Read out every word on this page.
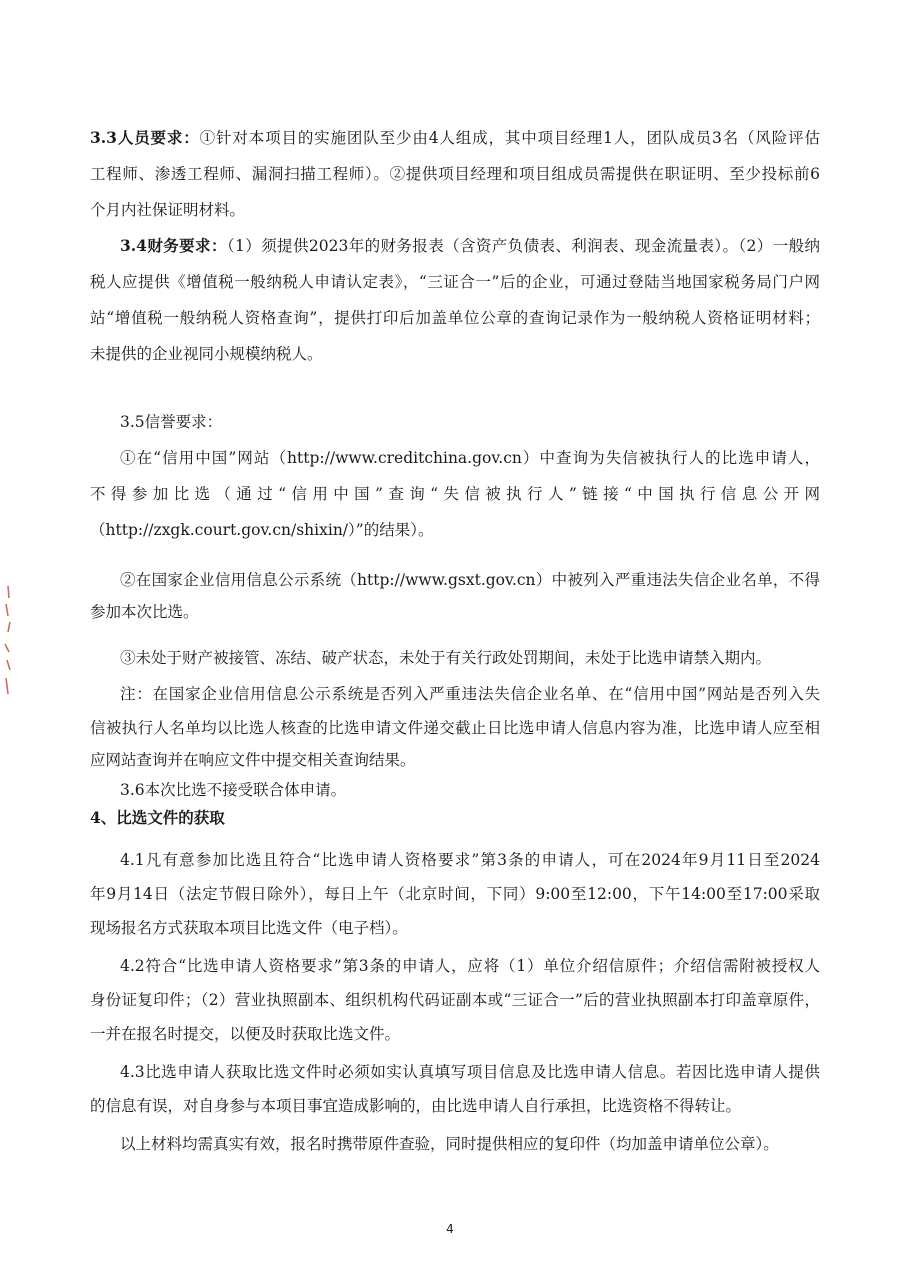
3.3人员要求：①针对本项目的实施团队至少由4人组成，其中项目经理1人，团队成员3名（风险评估
工程师、渗透工程师、漏洞扫描工程师）。②提供项目经理和项目组成员需提供在职证明、至少投标前6
个月内社保证明材料。
3.4财务要求：（1）须提供2023年的财务报表（含资产负债表、利润表、现金流量表）。（2）一般纳
税人应提供《增值税一般纳税人申请认定表》，“三证合一”后的企业，可通过登陆当地国家税务局门户网
站“增值税一般纳税人资格查询”，提供打印后加盖单位公章的查询记录作为一般纳税人资格证明材料；
未提供的企业视同小规模纳税人。
3.5信誉要求：
①在“信用中国”网站（http://www.creditchina.gov.cn）中查询为失信被执行人的比选申请人，
不得参加比选（通过“信用中国”查询“失信被执行人”链接“中国执行信息公开网
（http://zxgk.court.gov.cn/shixin/）”的结果）。
②在国家企业信用信息公示系统（http://www.gsxt.gov.cn）中被列入严重违法失信企业名单，不得
参加本次比选。
③未处于财产被接管、冻结、破产状态，未处于有关行政处罚期间，未处于比选申请禁入期内。
注：在国家企业信用信息公示系统是否列入严重违法失信企业名单、在“信用中国”网站是否列入失
信被执行人名单均以比选人核查的比选申请文件递交截止日比选申请人信息内容为准，比选申请人应至相
应网站查询并在响应文件中提交相关查询结果。
3.6本次比选不接受联合体申请。
4、比选文件的获取
4.1凡有意参加比选且符合“比选申请人资格要求”第3条的申请人，可在2024年9月11日至2024
年9月14日（法定节假日除外），每日上午（北京时间，下同）9:00至12:00，下午14:00至17:00采取
现场报名方式获取本项目比选文件（电子档）。
4.2符合“比选申请人资格要求”第3条的申请人，应将（1）单位介绍信原件；介绍信需附被授权人
身份证复印件；（2）营业执照副本、组织机构代码证副本或“三证合一”后的营业执照副本打印盖章原件，
一并在报名时提交，以便及时获取比选文件。
4.3比选申请人获取比选文件时必须如实认真填写项目信息及比选申请人信息。若因比选申请人提供
的信息有误，对自身参与本项目事宜造成影响的，由比选申请人自行承担，比选资格不得转让。
以上材料均需真实有效，报名时携带原件查验，同时提供相应的复印件（均加盖申请单位公章）。
4
